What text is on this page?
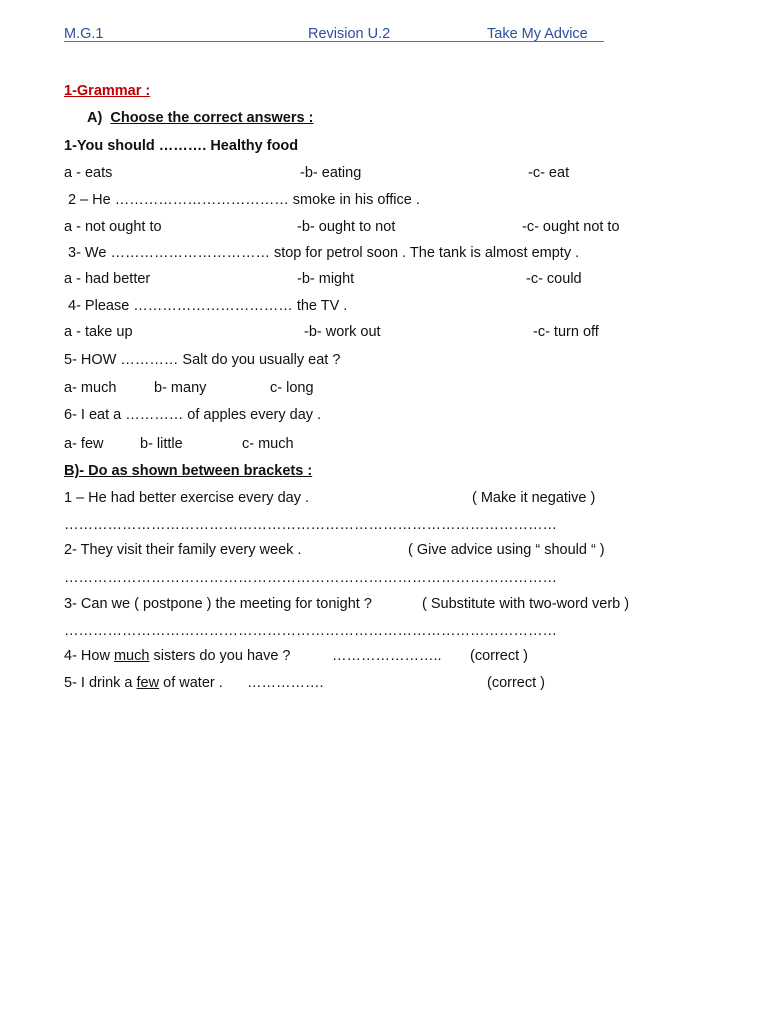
M.G.1	Revision U.2	Take My Advice
1-Grammar :
A) Choose the correct answers :
1-You should ………. Healthy food
a - eats	-b- eating	-c- eat
2 – He ……………………………… smoke in his office .
a - not ought to	-b- ought to not	-c- ought not to
3- We …………………………… stop for petrol soon . The tank is almost empty .
a - had better	-b- might	-c- could
4- Please …………………………… the TV .
a - take up	-b- work out	-c- turn off
5- HOW ………… Salt do you usually eat ?
a- much	b- many	c- long
6- I eat a ………… of apples every day .
a- few	b- little	c- much
B)- Do as shown between brackets :
1 – He had better exercise every day .	( Make it negative )
…………………………………………………………………………………………
2- They visit their family every week .	( Give advice using “ should “ )
…………………………………………………………………………………………
3- Can we ( postpone ) the meeting for tonight ?	( Substitute with two-word verb )
…………………………………………………………………………………………
4- How much sisters do you have ?	………………….. (correct )
5- I drink a few of water . …………….	(correct )
